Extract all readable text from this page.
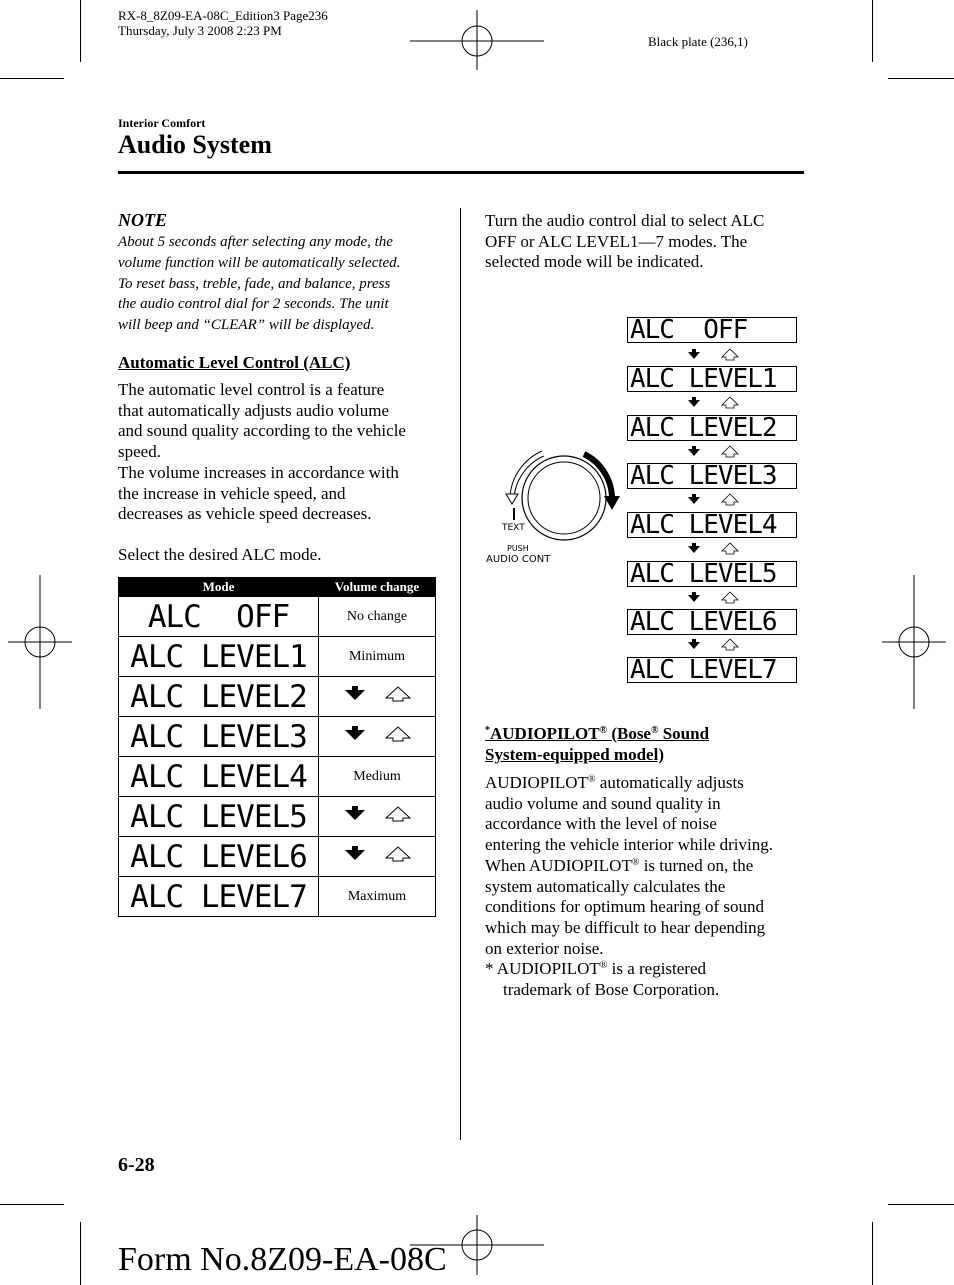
RX-8_8Z09-EA-08C_Edition3 Page236
Thursday, July 3 2008 2:23 PM
Black plate (236,1)
Interior Comfort
Audio System
NOTE
About 5 seconds after selecting any mode, the
volume function will be automatically selected.
To reset bass, treble, fade, and balance, press
the audio control dial for 2 seconds. The unit
will beep and “CLEAR” will be displayed.
Automatic Level Control (ALC)
The automatic level control is a feature
that automatically adjusts audio volume
and sound quality according to the vehicle
speed.
The volume increases in accordance with
the increase in vehicle speed, and
decreases as vehicle speed decreases.
Select the desired ALC mode.
Mode	Volume change
ALC  OFF	No change
ALC LEVEL1	Minimum
ALC LEVEL2	

ALC LEVEL3	

ALC LEVEL4	Medium
ALC LEVEL5	

ALC LEVEL6	

ALC LEVEL7	Maximum
Turn the audio control dial to select ALC
OFF or ALC LEVEL1―7 modes. The
selected mode will be indicated.
TEXT
PUSH
AUDIO CONT
ALC  OFF
ALC LEVEL1
ALC LEVEL2
ALC LEVEL3
ALC LEVEL4
ALC LEVEL5
ALC LEVEL6
ALC LEVEL7
*AUDIOPILOT® (Bose® Sound
System-equipped model)
AUDIOPILOT® automatically adjusts
audio volume and sound quality in
accordance with the level of noise
entering the vehicle interior while driving.
When AUDIOPILOT® is turned on, the
system automatically calculates the
conditions for optimum hearing of sound
which may be difficult to hear depending
on exterior noise.
* AUDIOPILOT® is a registered
trademark of Bose Corporation.
6-28
Form No.8Z09-EA-08C
